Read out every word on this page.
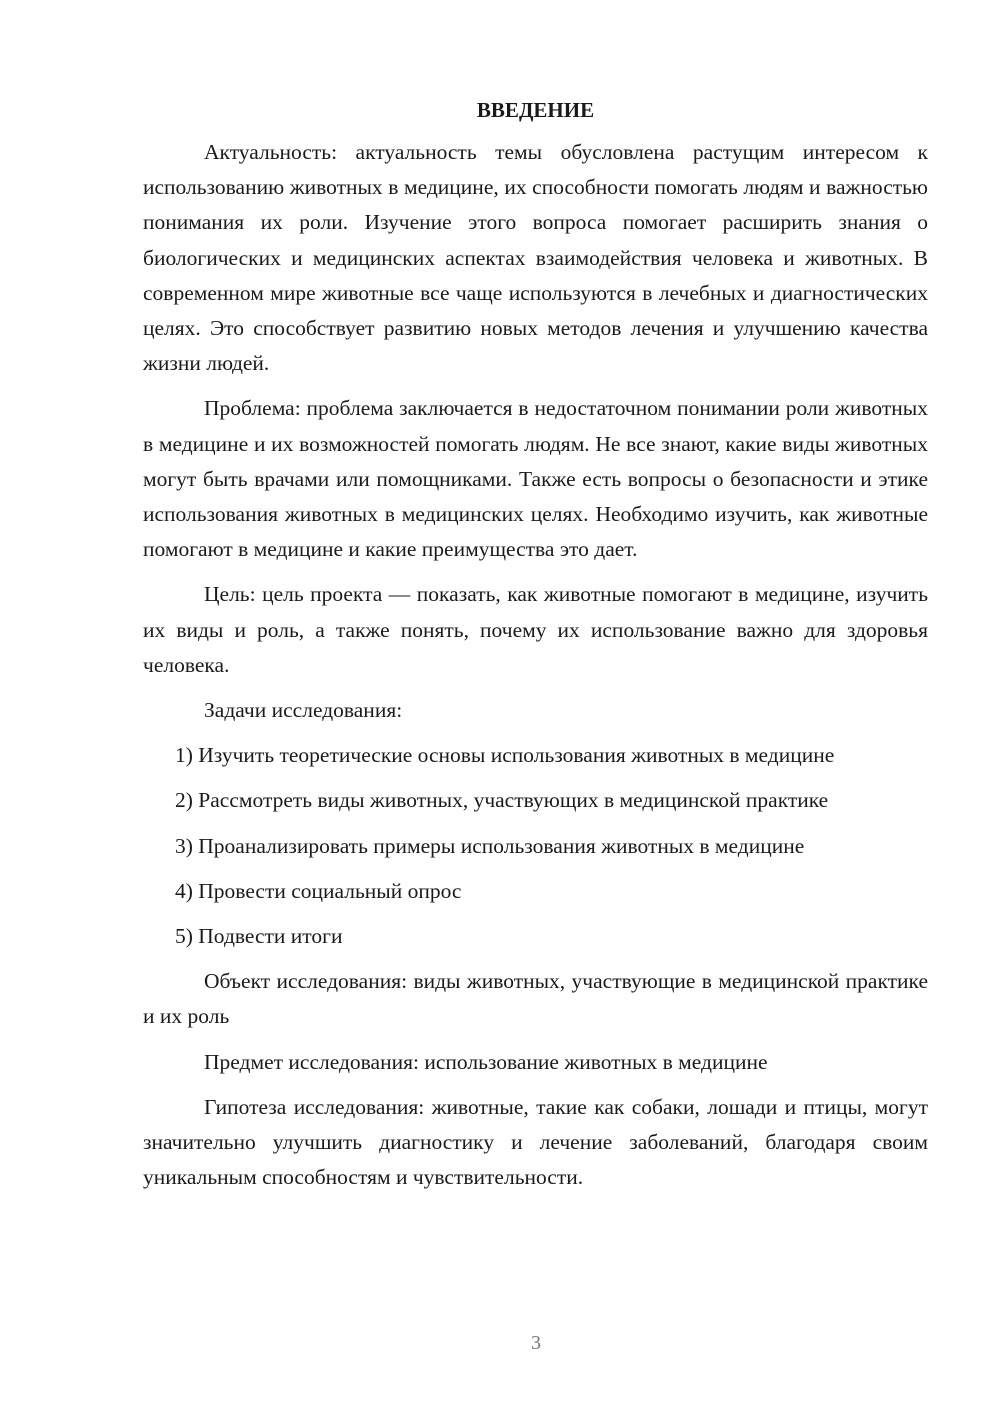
ВВЕДЕНИЕ

Актуальность: актуальность темы обусловлена растущим интересом к использованию животных в медицине, их способности помогать людям и важностью понимания их роли. Изучение этого вопроса помогает расширить знания о биологических и медицинских аспектах взаимодействия человека и животных. В современном мире животные все чаще используются в лечебных и диагностических целях. Это способствует развитию новых методов лечения и улучшению качества жизни людей.

Проблема: проблема заключается в недостаточном понимании роли животных в медицине и их возможностей помогать людям. Не все знают, какие виды животных могут быть врачами или помощниками. Также есть вопросы о безопасности и этике использования животных в медицинских целях. Необходимо изучить, как животные помогают в медицине и какие преимущества это дает.

Цель: цель проекта — показать, как животные помогают в медицине, изучить их виды и роль, а также понять, почему их использование важно для здоровья человека.

Задачи исследования:

1) Изучить теоретические основы использования животных в медицине

2) Рассмотреть виды животных, участвующих в медицинской практике

3) Проанализировать примеры использования животных в медицине

4) Провести социальный опрос

5) Подвести итоги

Объект исследования: виды животных, участвующие в медицинской практике и их роль

Предмет исследования: использование животных в медицине

Гипотеза исследования: животные, такие как собаки, лошади и птицы, могут значительно улучшить диагностику и лечение заболеваний, благодаря своим уникальным способностям и чувствительности.

3
